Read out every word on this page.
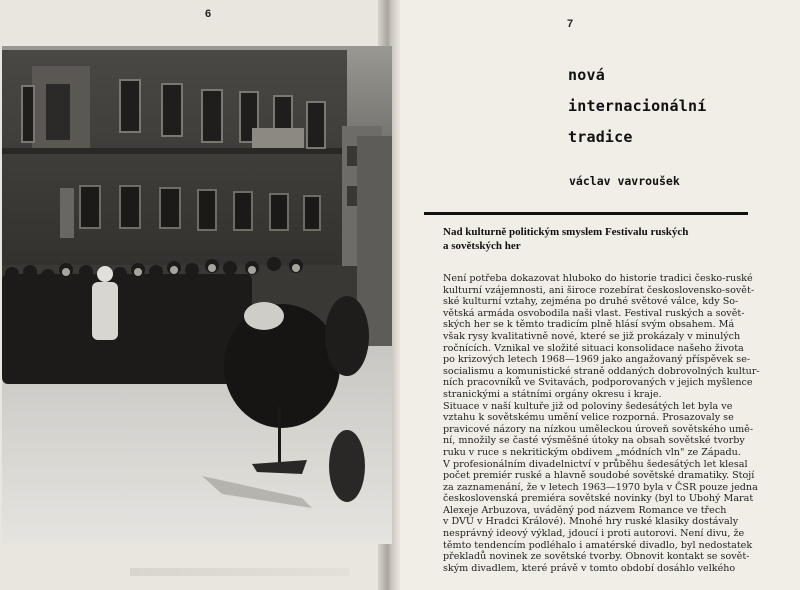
6
7
nová
internacionální
tradice
václav vavroušek
Nad kulturně politickým smyslem Festivalu ruských
a sovětských her
Není potřeba dokazovat hluboko do historie tradici česko-ruské
kulturní vzájemnosti, ani široce rozebírat československo-sovět-
ské kulturní vztahy, zejména po druhé světové válce, kdy So-
větská armáda osvobodila naši vlast. Festival ruských a sovět-
ských her se k těmto tradicím plně hlásí svým obsahem. Má
však rysy kvalitativně nové, které se již prokázaly v minulých
ročnících. Vznikal ve složité situaci konsolidace našeho života
po krizových letech 1968—1969 jako angažovaný příspěvek se-
socialismu a komunistické straně oddaných dobrovolných kultur-
ních pracovníků ve Svitavách, podporovaných v jejich myšlence
stranickými a státními orgány okresu i kraje.
Situace v naší kultuře již od poloviny šedesátých let byla ve
vztahu k sovětskému umění velice rozporná. Prosazovaly se
pravicové názory na nízkou uměleckou úroveň sovětského umě-
ní, množily se časté výsměšné útoky na obsah sovětské tvorby
ruku v ruce s nekritickým obdivem „módních vln" ze Západu.
V profesionálním divadelnictví v průběhu šedesátých let klesal
počet premiér ruské a hlavně soudobé sovětské dramatiky. Stojí
za zaznamenání, že v letech 1963—1970 byla v ČSR pouze jedna
československá premiéra sovětské novinky (byl to Ubohý Marat
Alexeje Arbuzova, uváděný pod názvem Romance ve třech
v DVÚ v Hradci Králové). Mnohé hry ruské klasiky dostávaly
nesprávný ideový výklad, jdoucí i proti autorovi. Není divu, že
těmto tendencím podléhalo i amatérské divadlo, byl nedostatek
překladů novinek ze sovětské tvorby. Obnovit kontakt se sovět-
ským divadlem, které právě v tomto období dosáhlo velkého
